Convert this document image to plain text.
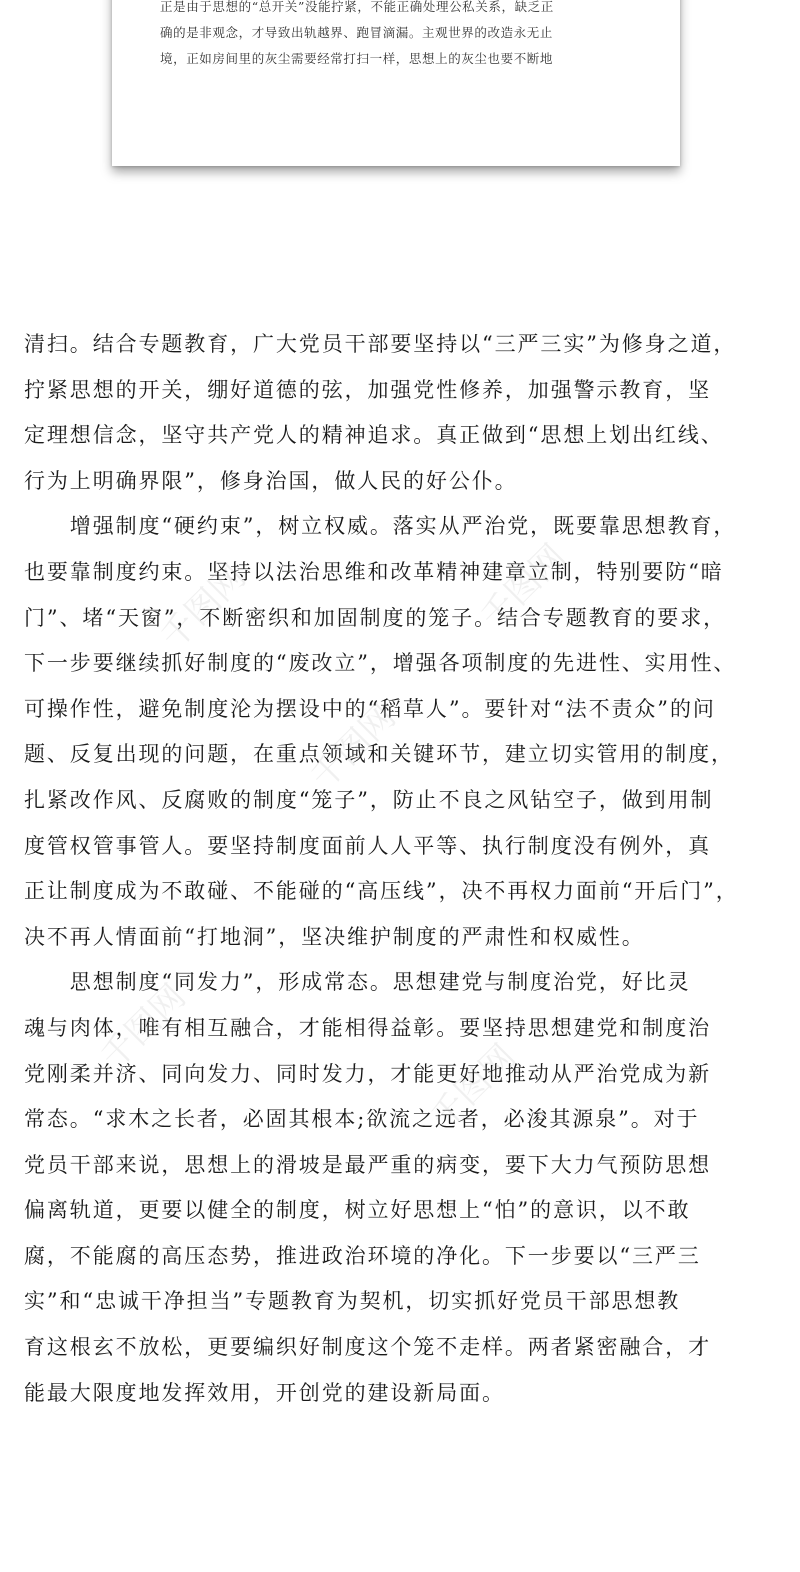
正是由于思想的“总开关”没能拧紧，不能正确处理公私关系，缺乏正
确的是非观念，才导致出轨越界、跑冒滴漏。主观世界的改造永无止
境，正如房间里的灰尘需要经常打扫一样，思想上的灰尘也要不断地
清扫。结合专题教育，广大党员干部要坚持以“三严三实”为修身之道，
拧紧思想的开关，绷好道德的弦，加强党性修养，加强警示教育，坚
定理想信念，坚守共产党人的精神追求。真正做到“思想上划出红线、
行为上明确界限”，修身治国，做人民的好公仆。
　　增强制度“硬约束”，树立权威。落实从严治党，既要靠思想教育，
也要靠制度约束。坚持以法治思维和改革精神建章立制，特别要防“暗
门”、堵“天窗”，不断密织和加固制度的笼子。结合专题教育的要求，
下一步要继续抓好制度的“废改立”，增强各项制度的先进性、实用性、
可操作性，避免制度沦为摆设中的“稻草人”。要针对“法不责众”的问
题、反复出现的问题，在重点领域和关键环节，建立切实管用的制度，
扎紧改作风、反腐败的制度“笼子”，防止不良之风钻空子，做到用制
度管权管事管人。要坚持制度面前人人平等、执行制度没有例外，真
正让制度成为不敢碰、不能碰的“高压线”，决不再权力面前“开后门”，
决不再人情面前“打地洞”，坚决维护制度的严肃性和权威性。
　　思想制度“同发力”，形成常态。思想建党与制度治党，好比灵
魂与肉体，唯有相互融合，才能相得益彰。要坚持思想建党和制度治
党刚柔并济、同向发力、同时发力，才能更好地推动从严治党成为新
常态。“求木之长者，必固其根本;欲流之远者，必浚其源泉”。对于
党员干部来说，思想上的滑坡是最严重的病变，要下大力气预防思想
偏离轨道，更要以健全的制度，树立好思想上“怕”的意识，以不敢
腐，不能腐的高压态势，推进政治环境的净化。下一步要以“三严三
实”和“忠诚干净担当”专题教育为契机，切实抓好党员干部思想教
育这根玄不放松，更要编织好制度这个笼不走样。两者紧密融合，才
能最大限度地发挥效用，开创党的建设新局面。
千图网	千图网
千图网
千图网
千图网
